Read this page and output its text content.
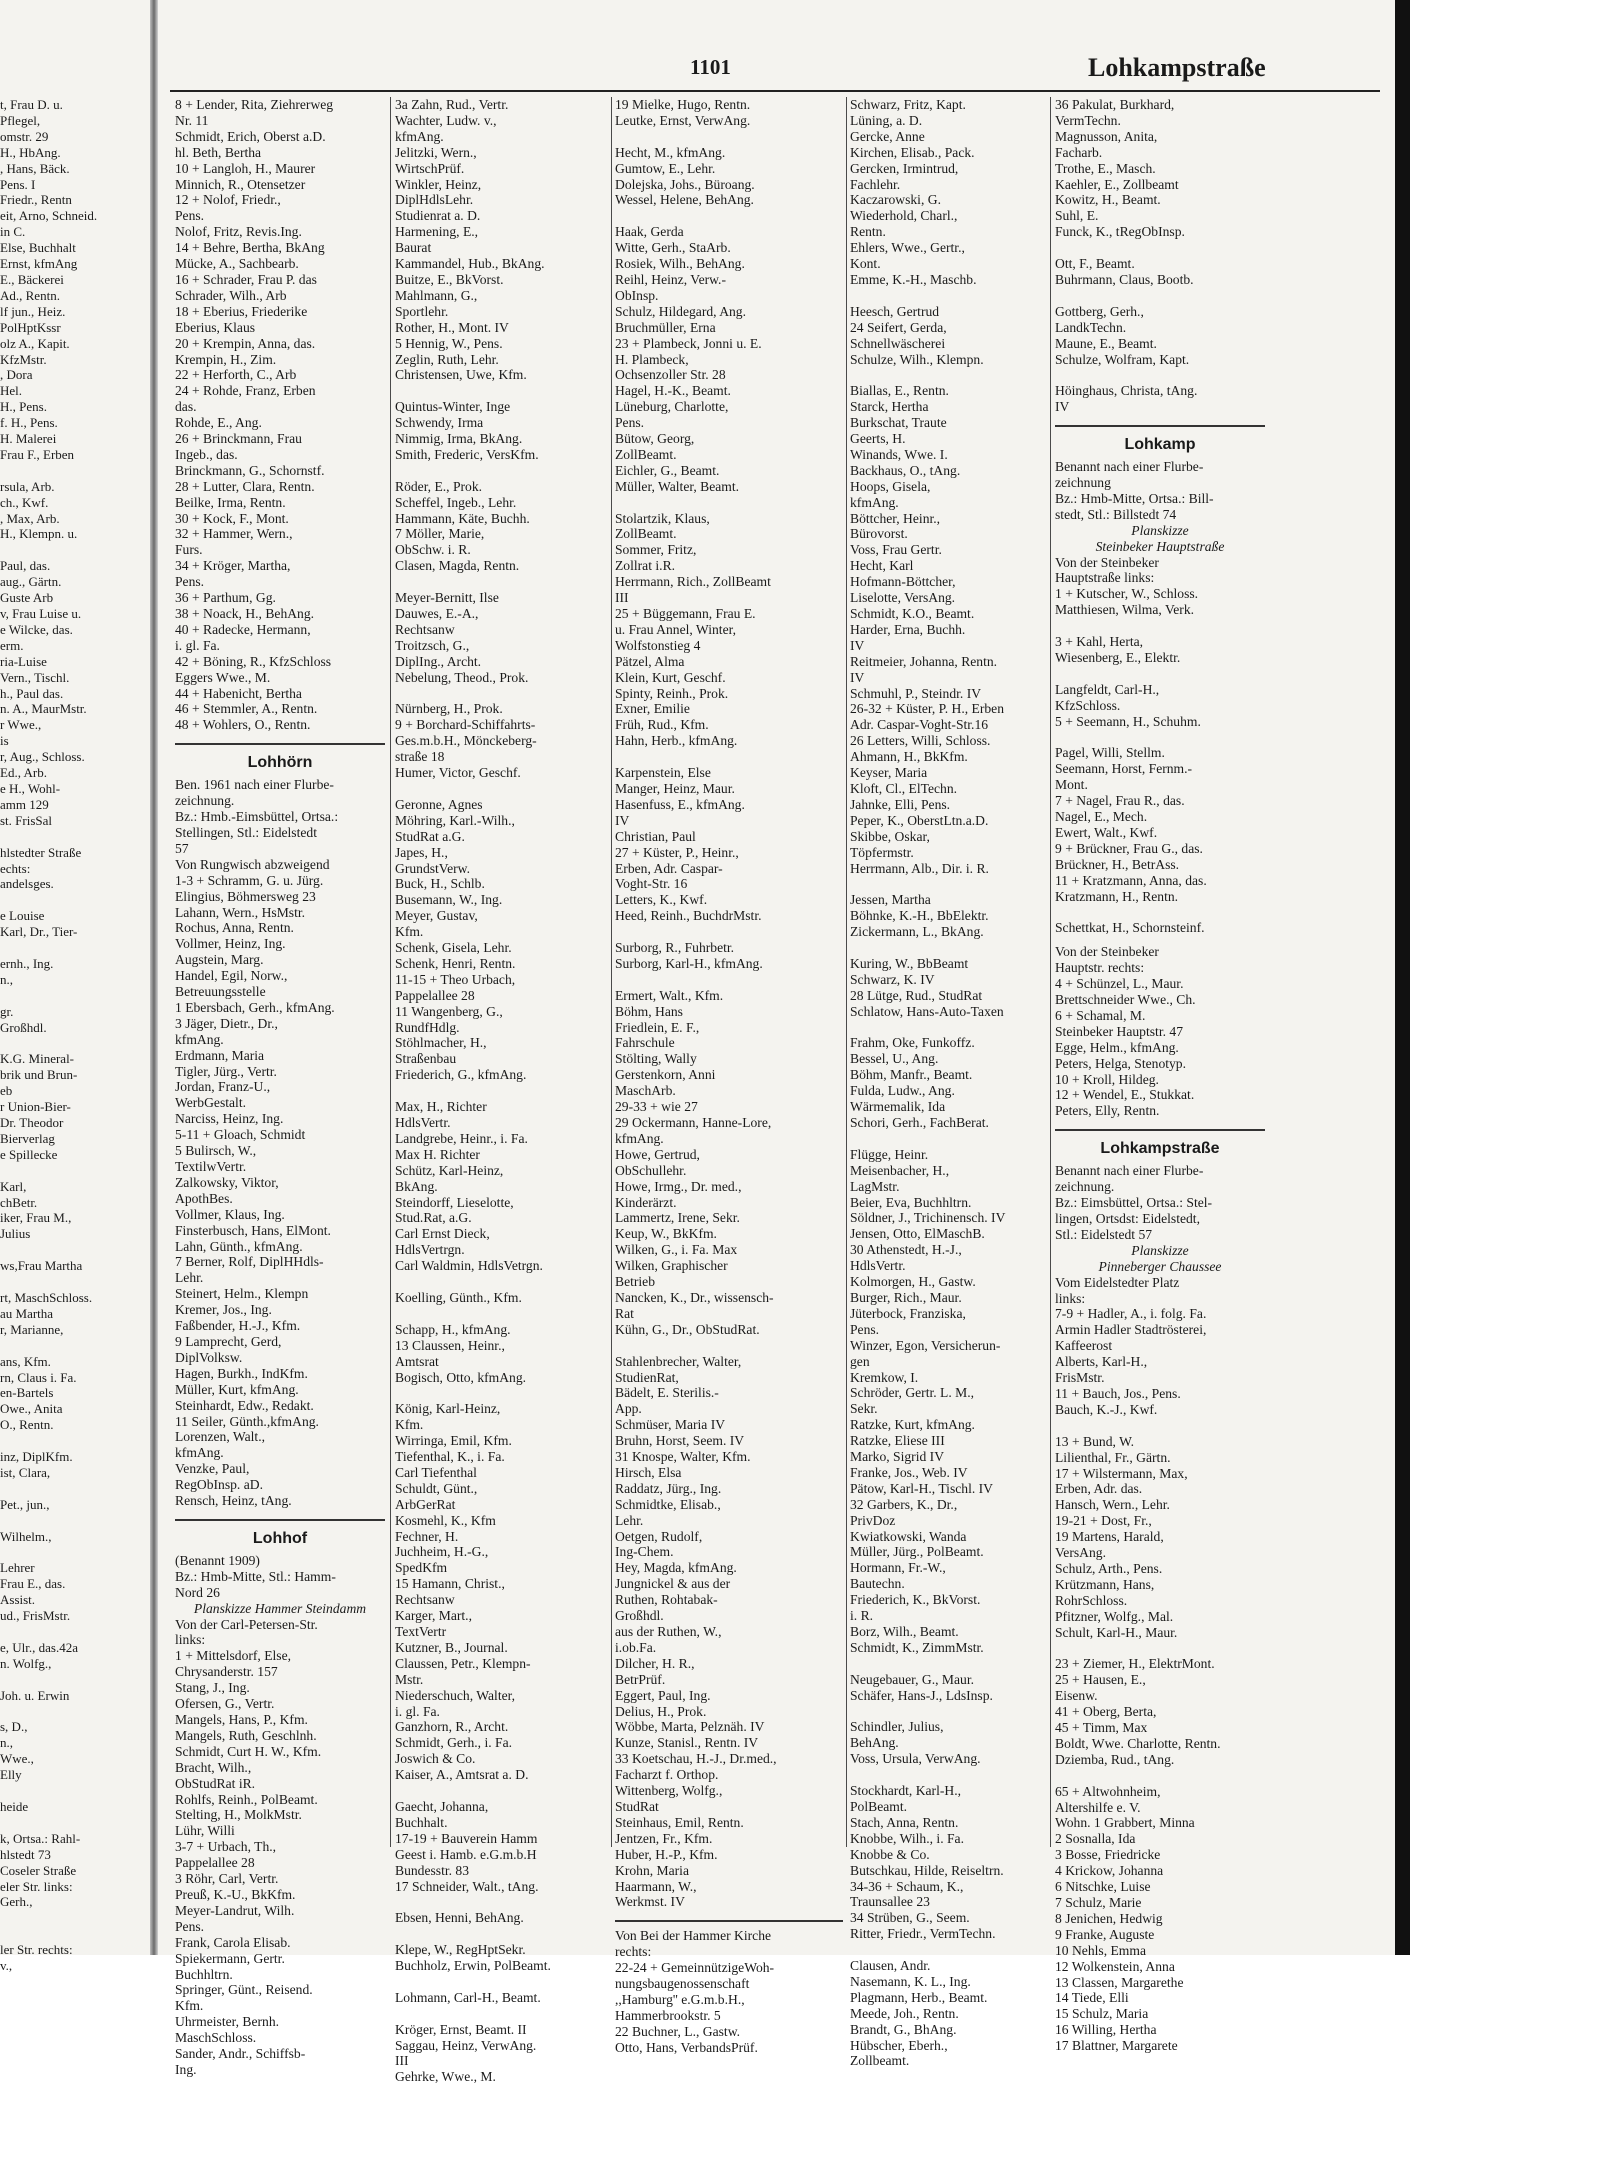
1101	Lohkampstraße
t, Frau D. u.
Pflegel,
omstr. 29
H., HbAng.
, Hans, Bäck.
Pens. I
Friedr., Rentn
eit, Arno, Schneid.
in C.
Else, Buchhalt
Ernst, kfmAng
E., Bäckerei
Ad., Rentn.
lf jun., Heiz.
PolHptKssr
olz A., Kapit.
KfzMstr.
, Dora
Hel.
H., Pens.
f. H., Pens.
H. Malerei
Frau F., Erben

rsula, Arb.
ch., Kwf.
, Max, Arb.
H., Klempn. u.

Paul, das.
aug., Gärtn.
Guste Arb
v, Frau Luise u.
e Wilcke, das.
erm.
ria-Luise
Vern., Tischl.
h., Paul das.
n. A., MaurMstr.
r Wwe.,
is
r, Aug., Schloss.
Ed., Arb.
e H., Wohl-
amm 129
st. FrisSal

hlstedter Straße
echts:
andelsges.

e Louise
Karl, Dr., Tier-

ernh., Ing.
n.,

gr.
Großhdl.

K.G. Mineral-
brik und Brun-
eb
r Union-Bier-
Dr. Theodor
Bierverlag
e Spillecke

Karl,
chBetr.
iker, Frau M.,
Julius

ws,Frau Martha

rt, MaschSchloss.
au Martha
r, Marianne,

ans, Kfm.
rn, Claus i. Fa.
en-Bartels
Owe., Anita
O., Rentn.

inz, DiplKfm.
ist, Clara,

Pet., jun.,

Wilhelm.,

Lehrer
Frau E., das.
Assist.
ud., FrisMstr.

e, Ulr., das.42a
n. Wolfg.,

Joh. u. Erwin

s, D.,
n.,
Wwe.,
Elly

heide

k, Ortsa.: Rahl-
hlstedt 73
Coseler Straße
eler Str. links:
Gerh.,

ler Str. rechts:
v.,
8 + Lender, Rita, Ziehrerweg
Nr. 11
Schmidt, Erich, Oberst a.D.
hl. Beth, Bertha
10 + Langloh, H., Maurer
Minnich, R., Otensetzer
12 + Nolof, Friedr.,
Pens.
Nolof, Fritz, Revis.Ing.
14 + Behre, Bertha, BkAng
Mücke, A., Sachbearb.
16 + Schrader, Frau P. das
Schrader, Wilh., Arb
18 + Eberius, Friederike
Eberius, Klaus
20 + Krempin, Anna, das.
Krempin, H., Zim.
22 + Herforth, C., Arb
24 + Rohde, Franz, Erben
das.
Rohde, E., Ang.
26 + Brinckmann, Frau
Ingeb., das.
Brinckmann, G., Schornstf.
28 + Lutter, Clara, Rentn.
Beilke, Irma, Rentn.
30 + Kock, F., Mont.
32 + Hammer, Wern.,
Furs.
34 + Kröger, Martha,
Pens.
36 + Parthum, Gg.
38 + Noack, H., BehAng.
40 + Radecke, Hermann,
i. gl. Fa.
42 + Böning, R., KfzSchloss
Eggers Wwe., M.
44 + Habenicht, Bertha
46 + Stemmler, A., Rentn.
48 + Wohlers, O., Rentn.
Lohhörn
Ben. 1961 nach einer Flurbe-
zeichnung.
Bz.: Hmb.-Eimsbüttel, Ortsa.:
Stellingen, Stl.: Eidelstedt
57
Von Rungwisch abzweigend
1-3 + Schramm, G. u. Jürg.
Elingius, Böhmersweg 23
Lahann, Wern., HsMstr.
Rochus, Anna, Rentn.
Vollmer, Heinz, Ing.
Augstein, Marg.
Handel, Egil, Norw.,
Betreuungsstelle
1 Ebersbach, Gerh., kfmAng.
3 Jäger, Dietr., Dr.,
kfmAng.
Erdmann, Maria
Tigler, Jürg., Vertr.
Jordan, Franz-U.,
WerbGestalt.
Narciss, Heinz, Ing.
5-11 + Gloach, Schmidt
5 Bulirsch, W.,
TextilwVertr.
Zalkowsky, Viktor,
ApothBes.
Vollmer, Klaus, Ing.
Finsterbusch, Hans, ElMont.
Lahn, Günth., kfmAng.
7 Berner, Rolf, DiplHHdls-
Lehr.
Steinert, Helm., Klempn
Kremer, Jos., Ing.
Faßbender, H.-J., Kfm.
9 Lamprecht, Gerd,
DiplVolksw.
Hagen, Burkh., IndKfm.
Müller, Kurt, kfmAng.
Steinhardt, Edw., Redakt.
11 Seiler, Günth.,kfmAng.
Lorenzen, Walt.,
kfmAng.
Venzke, Paul,
RegObInsp. aD.
Rensch, Heinz, tAng.
Lohhof
(Benannt 1909)
Bz.: Hmb-Mitte, Stl.: Hamm-
Nord 26
Planskizze Hammer Steindamm
Von der Carl-Petersen-Str.
links:
1 + Mittelsdorf, Else,
Chrysanderstr. 157
Stang, J., Ing.
Ofersen, G., Vertr.
Mangels, Hans, P., Kfm.
Mangels, Ruth, Geschlnh.
Schmidt, Curt H. W., Kfm.
Bracht, Wilh.,
ObStudRat iR.
Rohlfs, Reinh., PolBeamt.
Stelting, H., MolkMstr.
Lühr, Willi
3-7 + Urbach, Th.,
Pappelallee 28
3 Röhr, Carl, Vertr.
Preuß, K.-U., BkKfm.
Meyer-Landrut, Wilh.
Pens.
Frank, Carola Elisab.
Spiekermann, Gertr.
Buchhltrn.
Springer, Günt., Reisend.
Kfm.
Uhrmeister, Bernh.
MaschSchloss.
Sander, Andr., Schiffsb-
Ing.
3a Zahn, Rud., Vertr.
Wachter, Ludw. v.,
kfmAng.
Jelitzki, Wern.,
WirtschPrüf.
Winkler, Heinz,
DiplHdlsLehr.
Studienrat a. D.
Harmening, E.,
Baurat
Kammandel, Hub., BkAng.
Buitze, E., BkVorst.
Mahlmann, G.,
Sportlehr.
Rother, H., Mont. IV
5 Hennig, W., Pens.
Zeglin, Ruth, Lehr.
Christensen, Uwe, Kfm.

Quintus-Winter, Inge
Schwendy, Irma
Nimmig, Irma, BkAng.
Smith, Frederic, VersKfm.

Röder, E., Prok.
Scheffel, Ingeb., Lehr.
Hammann, Käte, Buchh.
7 Möller, Marie,
ObSchw. i. R.
Clasen, Magda, Rentn.

Meyer-Bernitt, Ilse
Dauwes, E.-A.,
Rechtsanw
Troitzsch, G.,
DiplIng., Archt.
Nebelung, Theod., Prok.

Nürnberg, H., Prok.
9 + Borchard-Schiffahrts-
Ges.m.b.H., Mönckeberg-
straße 18
Humer, Victor, Geschf.

Geronne, Agnes
Möhring, Karl.-Wilh.,
StudRat a.G.
Japes, H.,
GrundstVerw.
Buck, H., Schlb.
Busemann, W., Ing.
Meyer, Gustav,
Kfm.
Schenk, Gisela, Lehr.
Schenk, Henri, Rentn.
11-15 + Theo Urbach,
Pappelallee 28
11 Wangenberg, G.,
RundfHdlg.
Stöhlmacher, H.,
Straßenbau
Friederich, G., kfmAng.

Max, H., Richter
HdlsVertr.
Landgrebe, Heinr., i. Fa.
Max H. Richter
Schütz, Karl-Heinz,
BkAng.
Steindorff, Lieselotte,
Stud.Rat, a.G.
Carl Ernst Dieck,
HdlsVertrgn.
Carl Waldmin, HdlsVetrgn.

Koelling, Günth., Kfm.

Schapp, H., kfmAng.
13 Claussen, Heinr.,
Amtsrat
Bogisch, Otto, kfmAng.

König, Karl-Heinz,
Kfm.
Wirringa, Emil, Kfm.
Tiefenthal, K., i. Fa.
Carl Tiefenthal
Schuldt, Günt.,
ArbGerRat
Kosmehl, K., Kfm
Fechner, H.
Juchheim, H.-G.,
SpedKfm
15 Hamann, Christ.,
Rechtsanw
Karger, Mart.,
TextVertr
Kutzner, B., Journal.
Claussen, Petr., Klempn-
Mstr.
Niederschuch, Walter,
i. gl. Fa.
Ganzhorn, R., Archt.
Schmidt, Gerh., i. Fa.
Joswich & Co.
Kaiser, A., Amtsrat a. D.

Gaecht, Johanna,
Buchhalt.
17-19 + Bauverein Hamm
Geest i. Hamb. e.G.m.b.H
Bundesstr. 83
17 Schneider, Walt., tAng.

Ebsen, Henni, BehAng.

Klepe, W., RegHptSekr.
Buchholz, Erwin, PolBeamt.

Lohmann, Carl-H., Beamt.

Kröger, Ernst, Beamt. II
Saggau, Heinz, VerwAng.
III
Gehrke, Wwe., M.
19 Mielke, Hugo, Rentn.
Leutke, Ernst, VerwAng.

Hecht, M., kfmAng.
Gumtow, E., Lehr.
Dolejska, Johs., Büroang.
Wessel, Helene, BehAng.

Haak, Gerda
Witte, Gerh., StaArb.
Rosiek, Wilh., BehAng.
Reihl, Heinz, Verw.-
ObInsp.
Schulz, Hildegard, Ang.
Bruchmüller, Erna
23 + Plambeck, Jonni u. E.
H. Plambeck,
Ochsenzoller Str. 28
Hagel, H.-K., Beamt.
Lüneburg, Charlotte,
Pens.
Bütow, Georg,
ZollBeamt.
Eichler, G., Beamt.
Müller, Walter, Beamt.

Stolartzik, Klaus,
ZollBeamt.
Sommer, Fritz,
Zollrat i.R.
Herrmann, Rich., ZollBeamt
III
25 + Büggemann, Frau E.
u. Frau Annel, Winter,
Wolfstonstieg 4
Pätzel, Alma
Klein, Kurt, Geschf.
Spinty, Reinh., Prok.
Exner, Emilie
Früh, Rud., Kfm.
Hahn, Herb., kfmAng.

Karpenstein, Else
Manger, Heinz, Maur.
Hasenfuss, E., kfmAng.
IV
Christian, Paul
27 + Küster, P., Heinr.,
Erben, Adr. Caspar-
Voght-Str. 16
Letters, K., Kwf.
Heed, Reinh., BuchdrMstr.

Surborg, R., Fuhrbetr.
Surborg, Karl-H., kfmAng.

Ermert, Walt., Kfm.
Böhm, Hans
Friedlein, E. F.,
Fahrschule
Stölting, Wally
Gerstenkorn, Anni
MaschArb.
29-33 + wie 27
29 Ockermann, Hanne-Lore,
kfmAng.
Howe, Gertrud,
ObSchullehr.
Howe, Irmg., Dr. med.,
Kinderärzt.
Lammertz, Irene, Sekr.
Keup, W., BkKfm.
Wilken, G., i. Fa. Max
Wilken, Graphischer
Betrieb
Nancken, K., Dr., wissensch-
Rat
Kühn, G., Dr., ObStudRat.

Stahlenbrecher, Walter,
StudienRat,
Bädelt, E. Sterilis.-
App.
Schmüser, Maria IV
Bruhn, Horst, Seem. IV
31 Knospe, Walter, Kfm.
Hirsch, Elsa
Raddatz, Jürg., Ing.
Schmidtke, Elisab.,
Lehr.
Oetgen, Rudolf,
Ing-Chem.
Hey, Magda, kfmAng.
Jungnickel & aus der
Ruthen, Rohtabak-
Großhdl.
aus der Ruthen, W.,
i.ob.Fa.
Dilcher, H. R.,
BetrPrüf.
Eggert, Paul, Ing.
Delius, H., Prok.
Wöbbe, Marta, Pelznäh. IV
Kunze, Stanisl., Rentn. IV
33 Koetschau, H.-J., Dr.med.,
Facharzt f. Orthop.
Wittenberg, Wolfg.,
StudRat
Steinhaus, Emil, Rentn.
Jentzen, Fr., Kfm.
Huber, H.-P., Kfm.
Krohn, Maria
Haarmann, W.,
Werkmst. IV
Von Bei der Hammer Kirche
rechts:
22-24 + GemeinnützigeWoh-
nungsbaugenossenschaft
,,Hamburg'' e.G.m.b.H.,
Hammerbrookstr. 5
22 Buchner, L., Gastw.
Otto, Hans, VerbandsPrüf.
Schwarz, Fritz, Kapt.
Lüning, a. D.
Gercke, Anne
Kirchen, Elisab., Pack.
Gercken, Irmintrud,
Fachlehr.
Kaczarowski, G.
Wiederhold, Charl.,
Rentn.
Ehlers, Wwe., Gertr.,
Kont.
Emme, K.-H., Maschb.

Heesch, Gertrud
24 Seifert, Gerda,
Schnellwäscherei
Schulze, Wilh., Klempn.

Biallas, E., Rentn.
Starck, Hertha
Burkschat, Traute
Geerts, H.
Winands, Wwe. I.
Backhaus, O., tAng.
Hoops, Gisela,
kfmAng.
Böttcher, Heinr.,
Bürovorst.
Voss, Frau Gertr.
Hecht, Karl
Hofmann-Böttcher,
Liselotte, VersAng.
Schmidt, K.O., Beamt.
Harder, Erna, Buchh.
IV
Reitmeier, Johanna, Rentn.
IV
Schmuhl, P., Steindr. IV
26-32 + Küster, P. H., Erben
Adr. Caspar-Voght-Str.16
26 Letters, Willi, Schloss.
Ahmann, H., BkKfm.
Keyser, Maria
Kloft, Cl., ElTechn.
Jahnke, Elli, Pens.
Peper, K., OberstLtn.a.D.
Skibbe, Oskar,
Töpfermstr.
Herrmann, Alb., Dir. i. R.

Jessen, Martha
Böhnke, K.-H., BbElektr.
Zickermann, L., BkAng.

Kuring, W., BbBeamt
Schwarz, K. IV
28 Lütge, Rud., StudRat
Schlatow, Hans-Auto-Taxen

Frahm, Oke, Funkoffz.
Bessel, U., Ang.
Böhm, Manfr., Beamt.
Fulda, Ludw., Ang.
Wärmemalik, Ida
Schori, Gerh., FachBerat.

Flügge, Heinr.
Meisenbacher, H.,
LagMstr.
Beier, Eva, Buchhltrn.
Söldner, J., Trichinensch. IV
Jensen, Otto, ElMaschB.
30 Athenstedt, H.-J.,
HdlsVertr.
Kolmorgen, H., Gastw.
Burger, Rich., Maur.
Jüterbock, Franziska,
Pens.
Winzer, Egon, Versicherun-
gen
Kremkow, I.
Schröder, Gertr. L. M.,
Sekr.
Ratzke, Kurt, kfmAng.
Ratzke, Eliese III
Marko, Sigrid IV
Franke, Jos., Web. IV
Pätow, Karl-H., Tischl. IV
32 Garbers, K., Dr.,
PrivDoz
Kwiatkowski, Wanda
Müller, Jürg., PolBeamt.
Hormann, Fr.-W.,
Bautechn.
Friederich, K., BkVorst.
i. R.
Borz, Wilh., Beamt.
Schmidt, K., ZimmMstr.

Neugebauer, G., Maur.
Schäfer, Hans-J., LdsInsp.

Schindler, Julius,
BehAng.
Voss, Ursula, VerwAng.

Stockhardt, Karl-H.,
PolBeamt.
Stach, Anna, Rentn.
Knobbe, Wilh., i. Fa.
Knobbe & Co.
Butschkau, Hilde, Reiseltrn.
34-36 + Schaum, K.,
Traunsallee 23
34 Strüben, G., Seem.
Ritter, Friedr., VermTechn.

Clausen, Andr.
Nasemann, K. L., Ing.
Plagmann, Herb., Beamt.
Meede, Joh., Rentn.
Brandt, G., BhAng.
Hübscher, Eberh.,
Zollbeamt.
36 Pakulat, Burkhard,
VermTechn.
Magnusson, Anita,
Facharb.
Trothe, E., Masch.
Kaehler, E., Zollbeamt
Kowitz, H., Beamt.
Suhl, E.
Funck, K., tRegObInsp.

Ott, F., Beamt.
Buhrmann, Claus, Bootb.

Gottberg, Gerh.,
LandkTechn.
Maune, E., Beamt.
Schulze, Wolfram, Kapt.

Höinghaus, Christa, tAng.
IV
Lohkamp
Benannt nach einer Flurbe-
zeichnung
Bz.: Hmb-Mitte, Ortsa.: Bill-
stedt, Stl.: Billstedt 74
Planskizze
Steinbeker Hauptstraße
Von der Steinbeker
Hauptstraße links:
1 + Kutscher, W., Schloss.
Matthiesen, Wilma, Verk.

3 + Kahl, Herta,
Wiesenberg, E., Elektr.

Langfeldt, Carl-H.,
KfzSchloss.
5 + Seemann, H., Schuhm.

Pagel, Willi, Stellm.
Seemann, Horst, Fernm.-
Mont.
7 + Nagel, Frau R., das.
Nagel, E., Mech.
Ewert, Walt., Kwf.
9 + Brückner, Frau G., das.
Brückner, H., BetrAss.
11 + Kratzmann, Anna, das.
Kratzmann, H., Rentn.

Schettkat, H., Schornsteinf.
Von der Steinbeker
Hauptstr. rechts:
4 + Schünzel, L., Maur.
Brettschneider Wwe., Ch.
6 + Schamal, M.
Steinbeker Hauptstr. 47
Egge, Helm., kfmAng.
Peters, Helga, Stenotyp.
10 + Kroll, Hildeg.
12 + Wendel, E., Stukkat.
Peters, Elly, Rentn.
Lohkampstraße
Benannt nach einer Flurbe-
zeichnung.
Bz.: Eimsbüttel, Ortsa.: Stel-
lingen, Ortsdst: Eidelstedt,
Stl.: Eidelstedt 57
Planskizze
Pinneberger Chaussee
Vom Eidelstedter Platz
links:
7-9 + Hadler, A., i. folg. Fa.
Armin Hadler Stadtrösterei,
Kaffeerost
Alberts, Karl-H.,
FrisMstr.
11 + Bauch, Jos., Pens.
Bauch, K.-J., Kwf.

13 + Bund, W.
Lilienthal, Fr., Gärtn.
17 + Wilstermann, Max,
Erben, Adr. das.
Hansch, Wern., Lehr.
19-21 + Dost, Fr.,
19 Martens, Harald,
VersAng.
Schulz, Arth., Pens.
Krützmann, Hans,
RohrSchloss.
Pfitzner, Wolfg., Mal.
Schult, Karl-H., Maur.

23 + Ziemer, H., ElektrMont.
25 + Hausen, E.,
Eisenw.
41 + Oberg, Berta,
45 + Timm, Max
Boldt, Wwe. Charlotte, Rentn.
Dziemba, Rud., tAng.

65 + Altwohnheim,
Altershilfe e. V.
Wohn. 1 Grabbert, Minna
2 Sosnalla, Ida
3 Bosse, Friedricke
4 Krickow, Johanna
6 Nitschke, Luise
7 Schulz, Marie
8 Jenichen, Hedwig
9 Franke, Auguste
10 Nehls, Emma
12 Wolkenstein, Anna
13 Classen, Margarethe
14 Tiede, Elli
15 Schulz, Maria
16 Willing, Hertha
17 Blattner, Margarete
